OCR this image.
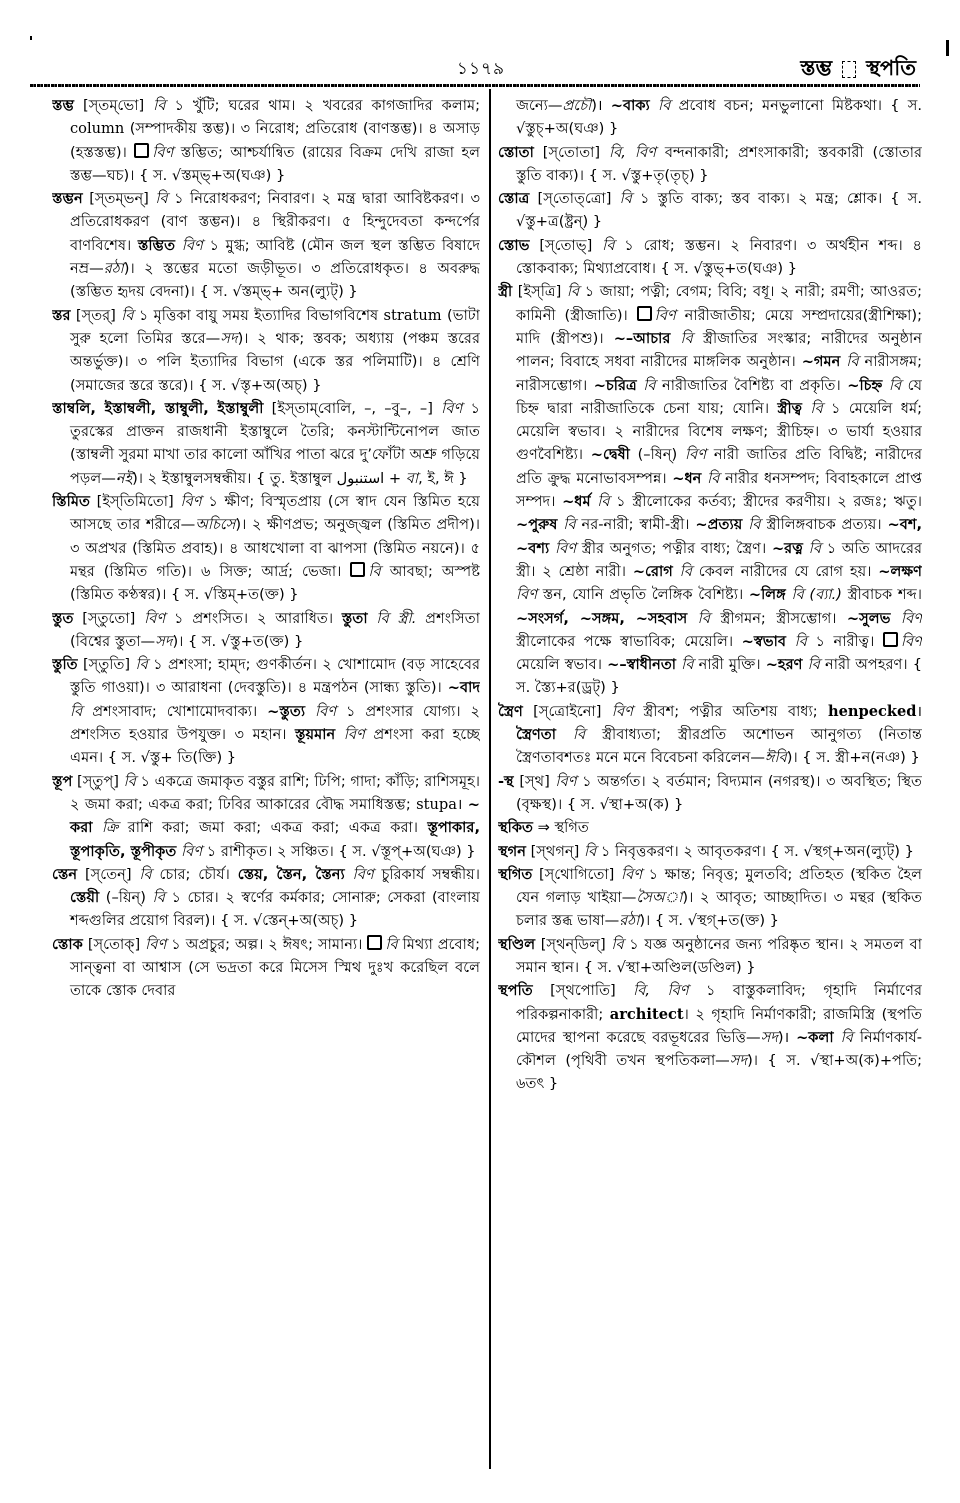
১১৭৯	স্তম্ভ স্থপতি

স্তম্ভ [স্‌তম্‌ভো] বি ১ খুঁটি; ঘরের থাম। ২ খবরের কাগজাদির কলাম; column (সম্পাদকীয় স্তম্ভ)। ৩ নিরোধ; প্রতিরোধ (বাণস্তম্ভ)। ৪ অসাড় (হস্তস্তম্ভ)। বিণ স্তম্ভিত; আশ্চর্যান্বিত (রায়ের বিক্রম দেখি রাজা হল স্তম্ভ—ঘচ)। { স. √স্তম্ভ্‌+অ(ঘঞ) }

স্তম্ভন [স্‌তম্‌ভন্‌] বি ১ নিরোধকরণ; নিবারণ। ২ মন্ত্র দ্বারা আবিষ্টকরণ। ৩ প্রতিরোধকরণ (বাণ স্তম্ভন)। ৪ স্থিরীকরণ। ৫ হিন্দুদেবতা কন্দর্পের বাণবিশেষ। স্তম্ভিত বিণ ১ মুগ্ধ; আবিষ্ট (মৌন জল স্থল স্তম্ভিত বিষাদে নম্র—রঠা)। ২ স্তম্ভের মতো জড়ীভূত। ৩ প্রতিরোধকৃত। ৪ অবরুদ্ধ (স্তম্ভিত হৃদয় বেদনা)। { স. √স্তম্ভ্‌+ অন(ল্যুট্‌) }

স্তর [স্‌তর্‌] বি ১ মৃত্তিকা বায়ু সময় ইত্যাদির বিভাগবিশেষ stratum (ভাটা সুরু হলো তিমির স্তরে—সদ)। ২ থাক; স্তবক; অধ্যায় (পঞ্চম স্তরের অন্তর্ভুক্ত)। ৩ পলি ইত্যাদির বিভাগ (একে স্তর পলিমাটি)। ৪ শ্রেণি (সমাজের স্তরে স্তরে)। { স. √স্তৃ+অ(অচ্‌) }

স্তাম্বলি, ইস্তাম্বলী, স্তাম্বুলী, ইস্তাম্বুলী [ইস্‌তাম্‌বোলি, –, –বু–, –] বিণ ১ তুরস্কের প্রাক্তন রাজধানী ইস্তাম্বুলে তৈরি; কনস্টান্টিনোপল জাত (স্তাম্বলী সুরমা মাখা তার কালো আঁখির পাতা ঝরে দু’ফোঁটা অশ্রু গড়িয়ে পড়ল—নই)। ২ ইস্তাম্বুলসম্বন্ধীয়। { তু. ইস্তাম্বুল استنبول + বা, ই, ঈ }

স্তিমিত [ইস্‌তিমিতো] বিণ ১ ক্ষীণ; বিস্মৃতপ্রায় (সে স্বাদ যেন স্তিমিত হয়ে আসছে তার শরীরে—অচিসে)। ২ ক্ষীণপ্রভ; অনুজ্জ্বল (স্তিমিত প্রদীপ)। ৩ অপ্রখর (স্তিমিত প্রবাহ)। ৪ আধখোলা বা ঝাপসা (স্তিমিত নয়নে)। ৫ মন্থর (স্তিমিত গতি)। ৬ সিক্ত; আর্দ্র; ভেজা। বি আবছা; অস্পষ্ট (স্তিমিত কণ্ঠস্বর)। { স. √স্তিম্‌+ত(ক্ত) }

স্তুত [স্‌তুতো] বিণ ১ প্রশংসিত। ২ আরাধিত। স্তুতা বি স্ত্রী. প্রশংসিতা (বিশ্বের স্তুতা—সদ)। { স. √স্তু+ত(ক্ত) }

স্তুতি [স্‌তুতি] বি ১ প্রশংসা; হাম্‌দ; গুণকীর্তন। ২ খোশামোদ (বড় সাহেবের স্তুতি গাওয়া)। ৩ আরাধনা (দেবস্তুতি)। ৪ মন্ত্রপঠন (সান্ধ্য স্তুতি)। ~বাদ বি প্রশংসাবাদ; খোশামোদবাক্য। ~স্তুত্য বিণ ১ প্রশংসার যোগ্য। ২ প্রশংসিত হওয়ার উপযুক্ত। ৩ মহান। স্তূয়মান বিণ প্রশংসা করা হচ্ছে এমন। { স. √স্তু+ তি(ক্তি) }

স্তূপ [স্‌তুপ্‌] বি ১ একত্রে জমাকৃত বস্তুর রাশি; ঢিপি; গাদা; কাঁড়ি; রাশিসমূহ। ২ জমা করা; একত্র করা; ঢিবির আকারের বৌদ্ধ সমাধিস্তম্ভ; stupa। ~ করা ক্রি রাশি করা; জমা করা; একত্র করা; একত্র করা। স্তূপাকার, স্তূপাকৃতি, স্তূপীকৃত বিণ ১ রাশীকৃত। ২ সঞ্চিত। { স. √স্তূপ্‌+অ(ঘঞ) }

স্তেন [স্‌তেন্‌] বি চোর; চৌর্য। স্তেয়, স্তৈন, স্তৈন্য বিণ চুরিকার্য সম্বন্ধীয়। স্তেয়ী (–য়িন্‌) বি ১ চোর। ২ স্বর্ণের কর্মকার; সোনারু; সেকরা (বাংলায় শব্দগুলির প্রয়োগ বিরল)। { স. √স্তেন্‌+অ(অচ্‌) }

স্তোক [স্‌তোক্‌] বিণ ১ অপ্রচুর; অল্প। ২ ঈষৎ; সামান্য। বি মিথ্যা প্রবোধ; সান্ত্বনা বা আশ্বাস (সে ভদ্রতা করে মিসেস স্মিথ দুঃখ করেছিল বলে তাকে স্তোক দেবার

জন্যে—প্রচৌ)। ~বাক্য বি প্রবোধ বচন; মনভুলানো মিষ্টকথা। { স. √স্তুচ্‌+অ(ঘঞ) }

স্তোতা [স্‌তোতা] বি, বিণ বন্দনাকারী; প্রশংসাকারী; স্তবকারী (স্তোতার স্তুতি বাক্য)। { স. √স্তু+তৃ(তৃচ্‌) }

স্তোত্র [স্‌তোত্‌ত্রো] বি ১ স্তুতি বাক্য; স্তব বাক্য। ২ মন্ত্র; শ্লোক। { স. √স্তু+ত্র(ষ্ট্রন্‌) }

স্তোভ [স্‌তোভ্‌] বি ১ রোধ; স্তম্ভন। ২ নিবারণ। ৩ অর্থহীন শব্দ। ৪ স্তোকবাক্য; মিথ্যাপ্রবোধ। { স. √স্তুভ্‌+ত(ঘঞ) }

স্ত্রী [ইস্‌ত্রি] বি ১ জায়া; পত্নী; বেগম; বিবি; বধূ। ২ নারী; রমণী; আওরত; কামিনী (স্ত্রীজাতি)। বিণ নারীজাতীয়; মেয়ে সম্প্রদায়ের(স্ত্রীশিক্ষা); মাদি (স্ত্রীপশু)। ~–আচার বি স্ত্রীজাতির সংস্কার; নারীদের অনুষ্ঠান পালন; বিবাহে সধবা নারীদের মাঙ্গলিক অনুষ্ঠান। ~গমন বি নারীসঙ্গম; নারীসম্ভোগ। ~চরিত্র বি নারীজাতির বৈশিষ্ট্য বা প্রকৃতি। ~চিহ্ন বি যে চিহ্ন দ্বারা নারীজাতিকে চেনা যায়; যোনি। স্ত্রীত্ব বি ১ মেয়েলি ধর্ম; মেয়েলি স্বভাব। ২ নারীদের বিশেষ লক্ষণ; স্ত্রীচিহ্ন। ৩ ভার্যা হওয়ার গুণবৈশিষ্ট্য। ~দ্বেষী (–ষিন্‌) বিণ নারী জাতির প্রতি বিদ্বিষ্ট; নারীদের প্রতি ক্রুদ্ধ মনোভাবসম্পন্ন। ~ধন বি নারীর ধনসম্পদ; বিবাহকালে প্রাপ্ত সম্পদ। ~ধর্ম বি ১ স্ত্রীলোকের কর্তব্য; স্ত্রীদের করণীয়। ২ রজঃ; ঋতু। ~পুরুষ বি নর-নারী; স্বামী-স্ত্রী। ~প্রত্যয় বি স্ত্রীলিঙ্গবাচক প্রত্যয়। ~বশ, ~বশ্য বিণ স্ত্রীর অনুগত; পত্নীর বাধ্য; স্ত্রৈণ। ~রত্ন বি ১ অতি আদরের স্ত্রী। ২ শ্রেষ্ঠা নারী। ~রোগ বি কেবল নারীদের যে রোগ হয়। ~লক্ষণ বিণ স্তন, যোনি প্রভৃতি লৈঙ্গিক বৈশিষ্ট্য। ~লিঙ্গ বি (ব্যা.) স্ত্রীবাচক শব্দ। ~সংসর্গ, ~সঙ্গম, ~সহবাস বি স্ত্রীগমন; স্ত্রীসম্ভোগ। ~সুলভ বিণ স্ত্রীলোকের পক্ষে স্বাভাবিক; মেয়েলি। ~স্বভাব বি ১ নারীত্ব। বিণ মেয়েলি স্বভাব। ~–স্বাধীনতা বি নারী মুক্তি। ~হরণ বি নারী অপহরণ। { স. স্ত্যৈ+র(ড্রট্‌) }

স্ত্রৈণ [স্‌ত্রোইনো] বিণ স্ত্রীবশ; পত্নীর অতিশয় বাধ্য; henpecked। স্ত্রৈণতা বি স্ত্রীবাধ্যতা; স্ত্রীরপ্রতি অশোভন আনুগত্য (নিতান্ত স্ত্রৈণতাবশতঃ মনে মনে বিবেচনা করিলেন—ঈবি)। { স. স্ত্রী+ন(নঞ) }

-স্থ [স্‌থ] বিণ ১ অন্তর্গত। ২ বর্তমান; বিদ্যমান (নগরস্থ)। ৩ অবস্থিত; স্থিত (বৃক্ষস্থ)। { স. √স্থা+অ(ক) }

স্থকিত ⇒ স্থগিত

স্থগন [স্‌থগন্‌] বি ১ নিবৃত্তকরণ। ২ আবৃতকরণ। { স. √স্থগ্‌+অন(ল্যুট্‌) }

স্থগিত [স্‌থোগিতো] বিণ ১ ক্ষান্ত; নিবৃত্ত; মুলতবি; প্রতিহত (স্থকিত হৈল যেন গলাড় খাইয়া—সৈঅা)। ২ আবৃত; আচ্ছাদিত। ৩ মন্থর (স্থকিত চলার স্তব্ধ ভাষা—রঠা)। { স. √স্থগ্‌+ত(ক্ত) }

স্থণ্ডিল [স্‌থন্‌ডিল্‌] বি ১ যজ্ঞ অনুষ্ঠানের জন্য পরিষ্কৃত স্থান। ২ সমতল বা সমান স্থান। { স. √স্থা+অণ্ডিল(ডণ্ডিল) }

স্থপতি [স্‌থপোতি] বি, বিণ ১ বাস্তুকলাবিদ; গৃহাদি নির্মাণের পরিকল্পনাকারী; architect। ২ গৃহাদি নির্মাণকারী; রাজমিস্ত্রি (স্থপতি মোদের স্থাপনা করেছে বরভূধরের ভিত্তি—সদ)। ~কলা বি নির্মাণকার্য-কৌশল (পৃথিবী তখন স্থপতিকলা—সদ)। { স. √স্থা+অ(ক)+পতি; ৬তৎ }
